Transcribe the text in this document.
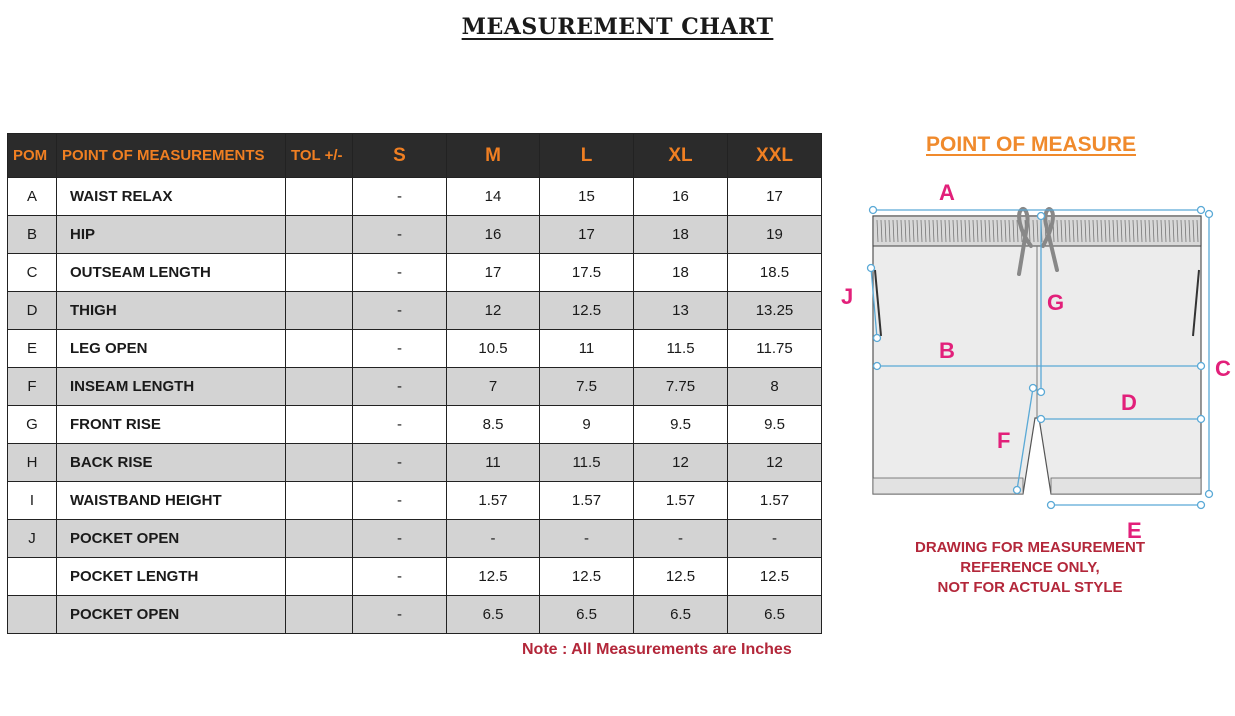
MEASUREMENT CHART
POM	POINT OF MEASUREMENTS	TOL +/-	S	M	L	XL	XXL
A	WAIST RELAX		-	14	15	16	17
B	HIP		-	16	17	18	19
C	OUTSEAM LENGTH		-	17	17.5	18	18.5
D	THIGH		-	12	12.5	13	13.25
E	LEG OPEN		-	10.5	11	11.5	11.75
F	INSEAM LENGTH		-	7	7.5	7.75	8
G	FRONT RISE		-	8.5	9	9.5	9.5
H	BACK RISE		-	11	11.5	12	12
I	WAISTBAND HEIGHT		-	1.57	1.57	1.57	1.57
J	POCKET OPEN		-	-	-	-	-
	POCKET LENGTH		-	12.5	12.5	12.5	12.5
	POCKET OPEN		-	6.5	6.5	6.5	6.5
Note : All Measurements are Inches
POINT OF MEASURE
A
J	G
B
C
D
F
E
DRAWING FOR MEASUREMENT
REFERENCE ONLY,
NOT FOR ACTUAL STYLE
